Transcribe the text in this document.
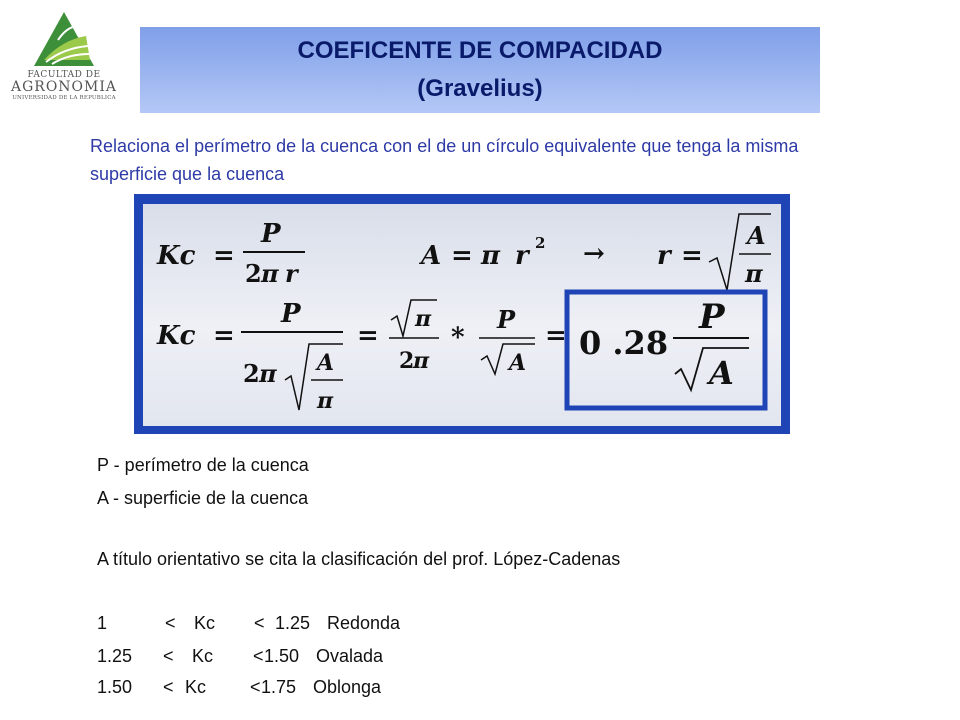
FACULTAD DE
AGRONOMIA
UNIVERSIDAD DE LA REPUBLICA
COEFICENTE DE COMPACIDAD
(Gravelius)
Relaciona el perímetro de la cuenca con el de un círculo equivalente que tenga la misma superficie que la cuenca
Kc =
P
2 π r
A = π r 2 → r =
A
π
Kc =
P
2 π A
π
=
π
2
π
*
P
A
= 0 .28
P
A
P - perímetro de la cuenca
A - superficie de la cuenca
A título orientativo se cita la clasificación del prof. López-Cadenas
1	< Kc < 1.25 Redonda
1.25 < Kc < 1.50 Ovalada
1.50 < Kc < 1.75 Oblonga
